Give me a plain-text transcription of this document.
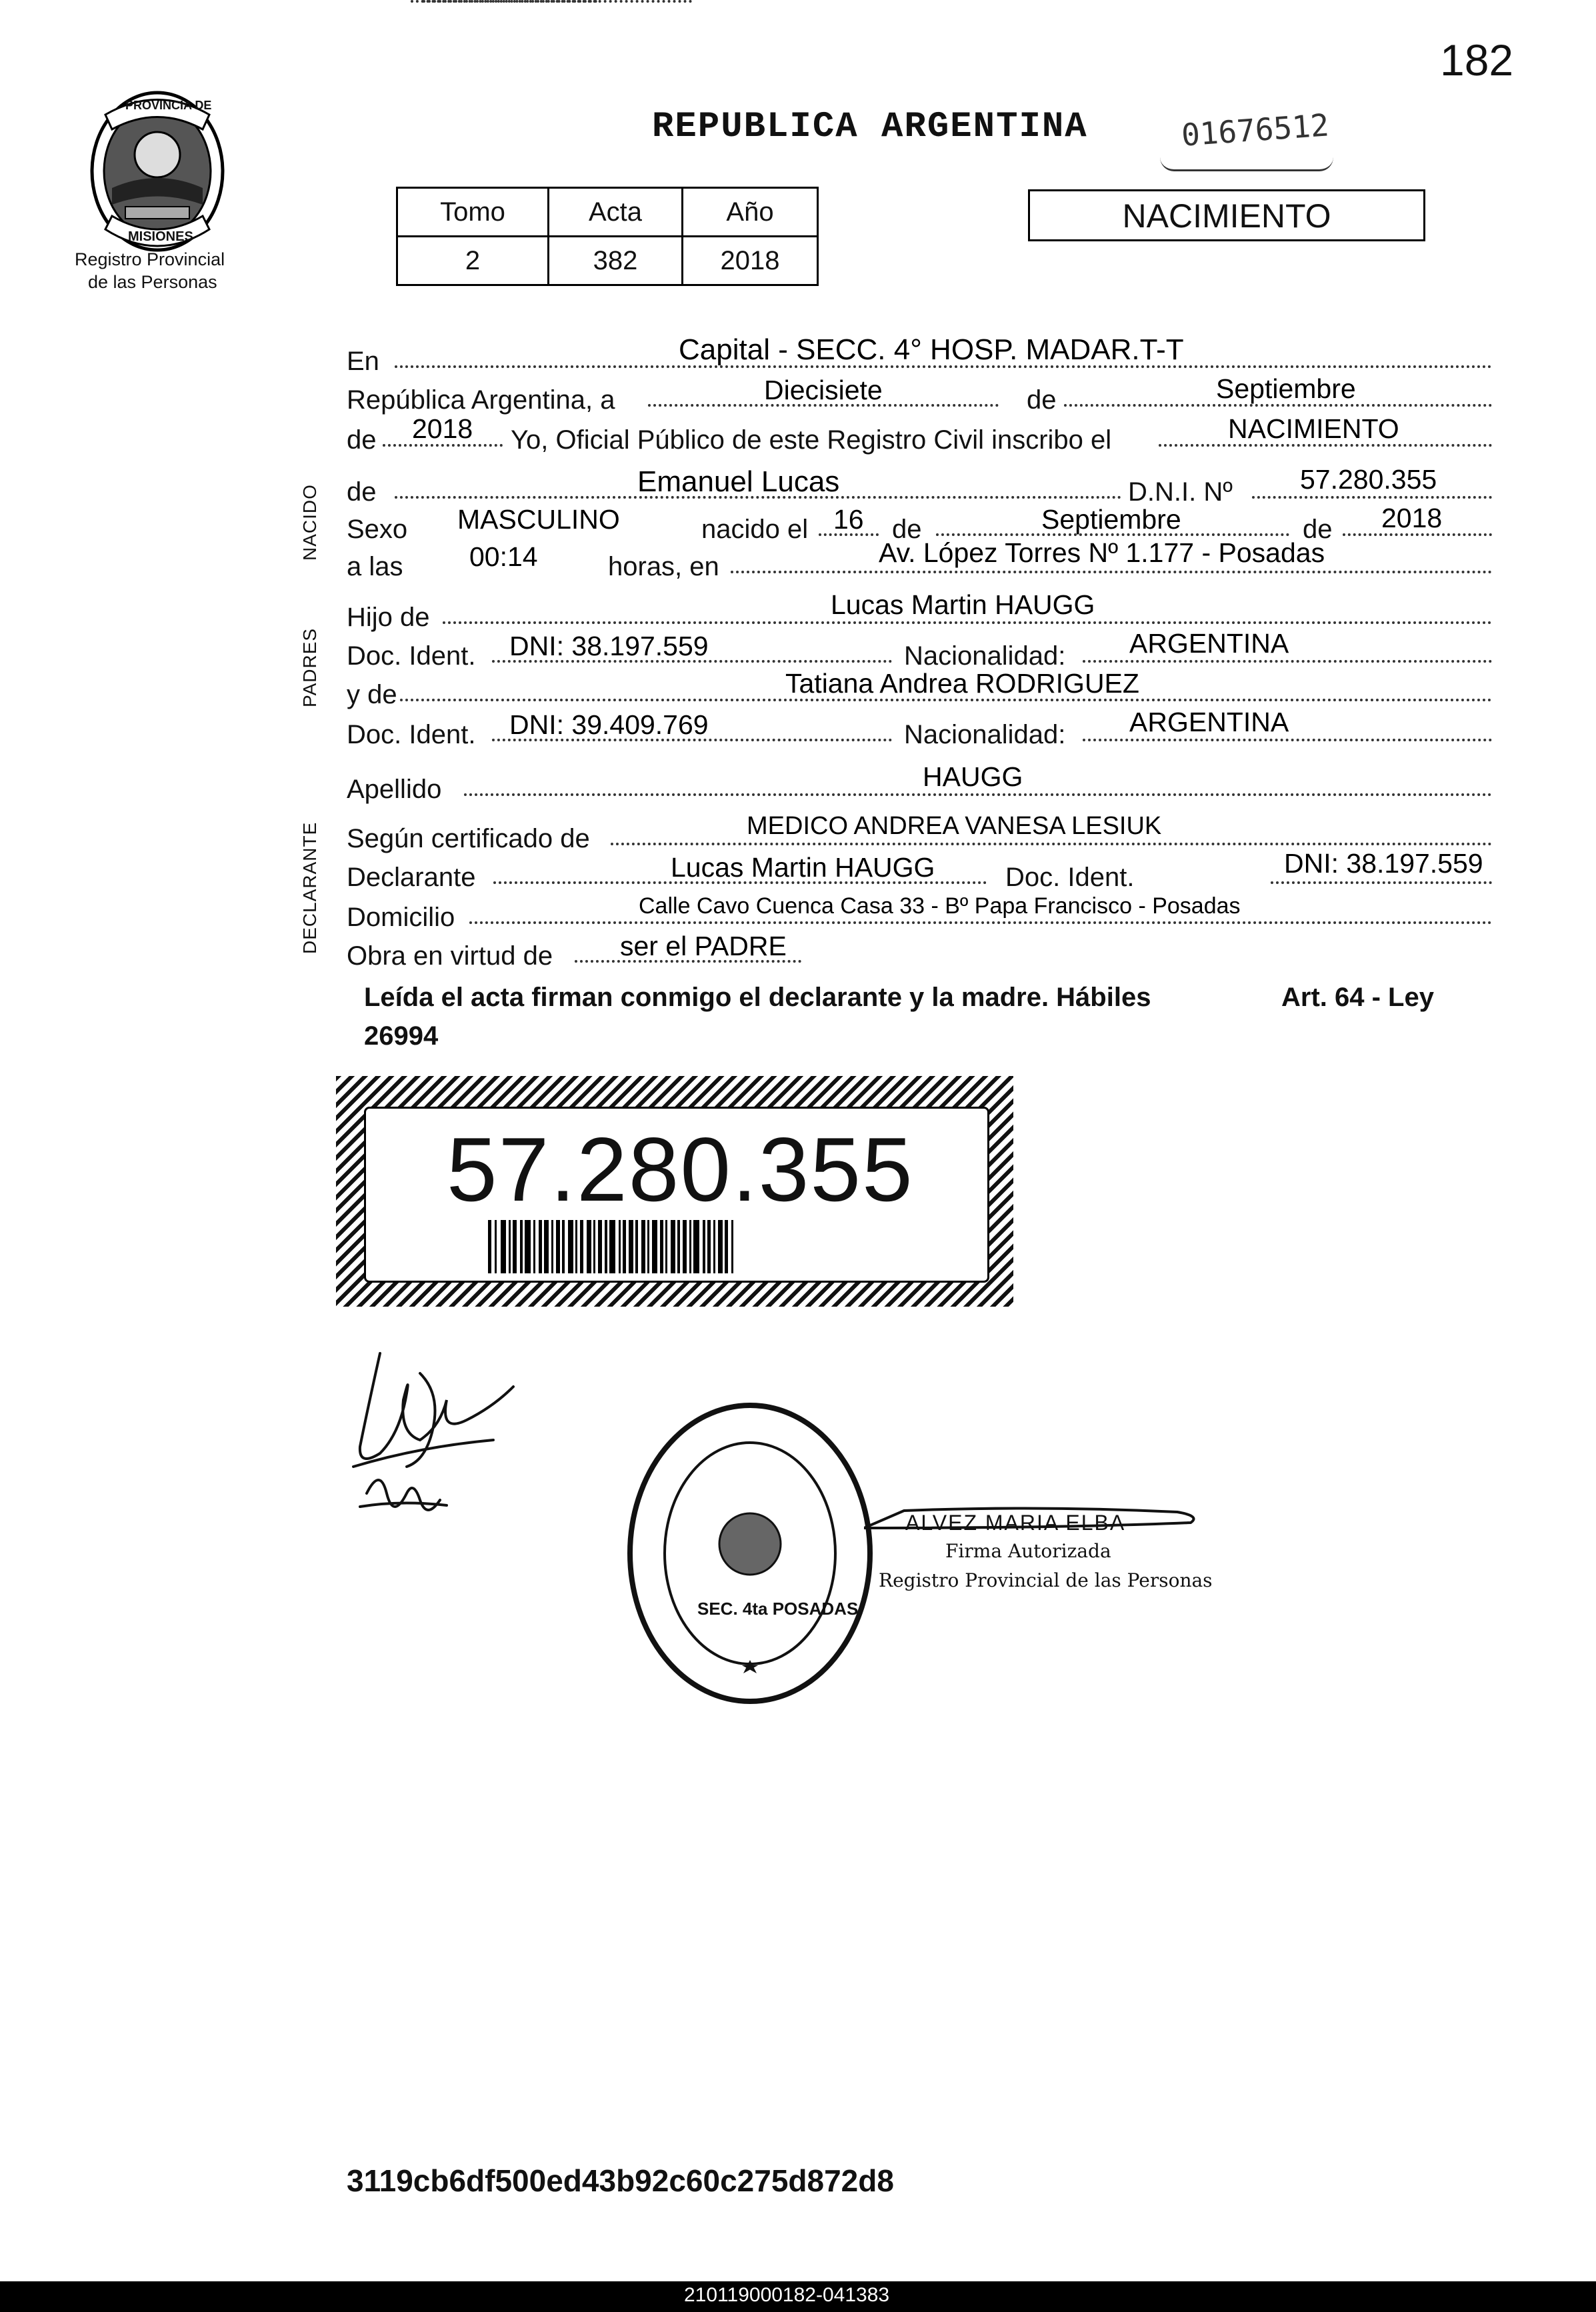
182
PROVINCIA DE
MISIONES
Registro Provincial
de las Personas
REPUBLICA ARGENTINA	01676512
Tomo	Acta	Año
2	382	2018
NACIMIENTO
NACIDO
PADRES
DECLARANTE
En	Capital - SECC. 4° HOSP. MADAR.T-T
República Argentina, a	Diecisiete	de	Septiembre
de 2018 Yo, Oficial Público de este Registro Civil inscribo el	NACIMIENTO
de	Emanuel Lucas	D.N.I. Nº 57.280.355
Sexo MASCULINO	nacido el 16 de	Septiembre	de 2018
a las 00:14	horas, en	Av. López Torres Nº 1.177 - Posadas
Hijo de	Lucas Martin HAUGG
Doc. Ident. DNI: 38.197.559	Nacionalidad: ARGENTINA
y de	Tatiana Andrea RODRIGUEZ
Doc. Ident. DNI: 39.409.769	Nacionalidad: ARGENTINA
Apellido	HAUGG
Según certificado de	MEDICO ANDREA VANESA LESIUK
Declarante	Lucas Martin HAUGG	Doc. Ident.	DNI: 38.197.559
Domicilio	Calle Cavo Cuenca Casa 33 - Bº Papa Francisco - Posadas
Obra en virtud de ser el PADRE
Leída el acta firman conmigo el declarante y la madre. Hábiles	Art. 64 - Ley
26994
57.280.355
SEC. 4ta POSADAS
ALVEZ MARIA ELBA
Firma Autorizada
Registro Provincial de las Personas
3119cb6df500ed43b92c60c275d872d8
210119000182-041383
